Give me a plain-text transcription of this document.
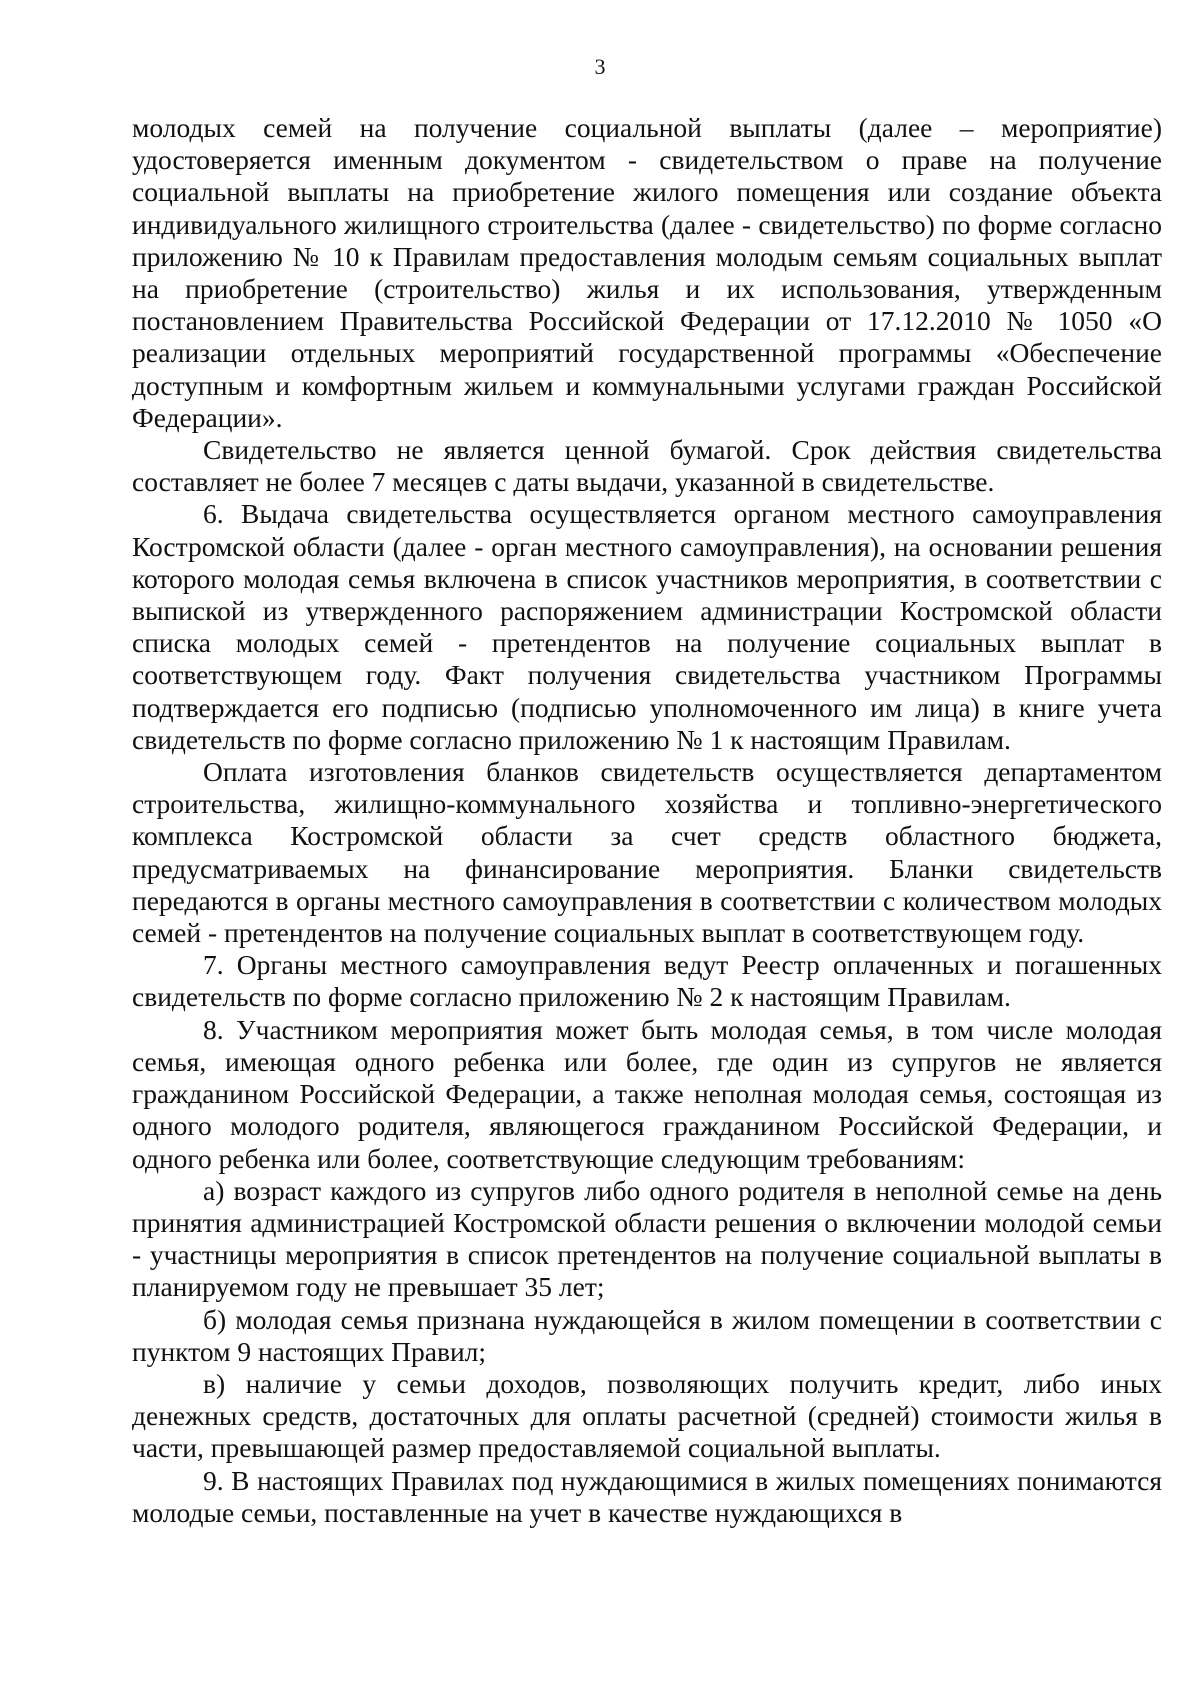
3

молодых семей на получение социальной выплаты (далее – мероприятие) удостоверяется именным документом - свидетельством о праве на получение социальной выплаты на приобретение жилого помещения или создание объекта индивидуального жилищного строительства (далее - свидетельство) по форме согласно приложению № 10 к Правилам предоставления молодым семьям социальных выплат на приобретение (строительство) жилья и их использования, утвержденным постановлением Правительства Российской Федерации от 17.12.2010 № 1050 «О реализации отдельных мероприятий государственной программы «Обеспечение доступным и комфортным жильем и коммунальными услугами граждан Российской Федерации».

Свидетельство не является ценной бумагой. Срок действия свидетельства составляет не более 7 месяцев с даты выдачи, указанной в свидетельстве.

6. Выдача свидетельства осуществляется органом местного самоуправления Костромской области (далее - орган местного самоуправления), на основании решения которого молодая семья включена в список участников мероприятия, в соответствии с выпиской из утвержденного распоряжением администрации Костромской области списка молодых семей - претендентов на получение социальных выплат в соответствующем году. Факт получения свидетельства участником Программы подтверждается его подписью (подписью уполномоченного им лица) в книге учета свидетельств по форме согласно приложению № 1 к настоящим Правилам.

Оплата изготовления бланков свидетельств осуществляется департаментом строительства, жилищно-коммунального хозяйства и топливно-энергетического комплекса Костромской области за счет средств областного бюджета, предусматриваемых на финансирование мероприятия. Бланки свидетельств передаются в органы местного самоуправления в соответствии с количеством молодых семей - претендентов на получение социальных выплат в соответствующем году.

7. Органы местного самоуправления ведут Реестр оплаченных и погашенных свидетельств по форме согласно приложению № 2 к настоящим Правилам.

8. Участником мероприятия может быть молодая семья, в том числе молодая семья, имеющая одного ребенка или более, где один из супругов не является гражданином Российской Федерации, а также неполная молодая семья, состоящая из одного молодого родителя, являющегося гражданином Российской Федерации, и одного ребенка или более, соответствующие следующим требованиям:

а) возраст каждого из супругов либо одного родителя в неполной семье на день принятия администрацией Костромской области решения о включении молодой семьи - участницы мероприятия в список претендентов на получение социальной выплаты в планируемом году не превышает 35 лет;

б) молодая семья признана нуждающейся в жилом помещении в соответствии с пунктом 9 настоящих Правил;

в) наличие у семьи доходов, позволяющих получить кредит, либо иных денежных средств, достаточных для оплаты расчетной (средней) стоимости жилья в части, превышающей размер предоставляемой социальной выплаты.

9. В настоящих Правилах под нуждающимися в жилых помещениях понимаются молодые семьи, поставленные на учет в качестве нуждающихся в
